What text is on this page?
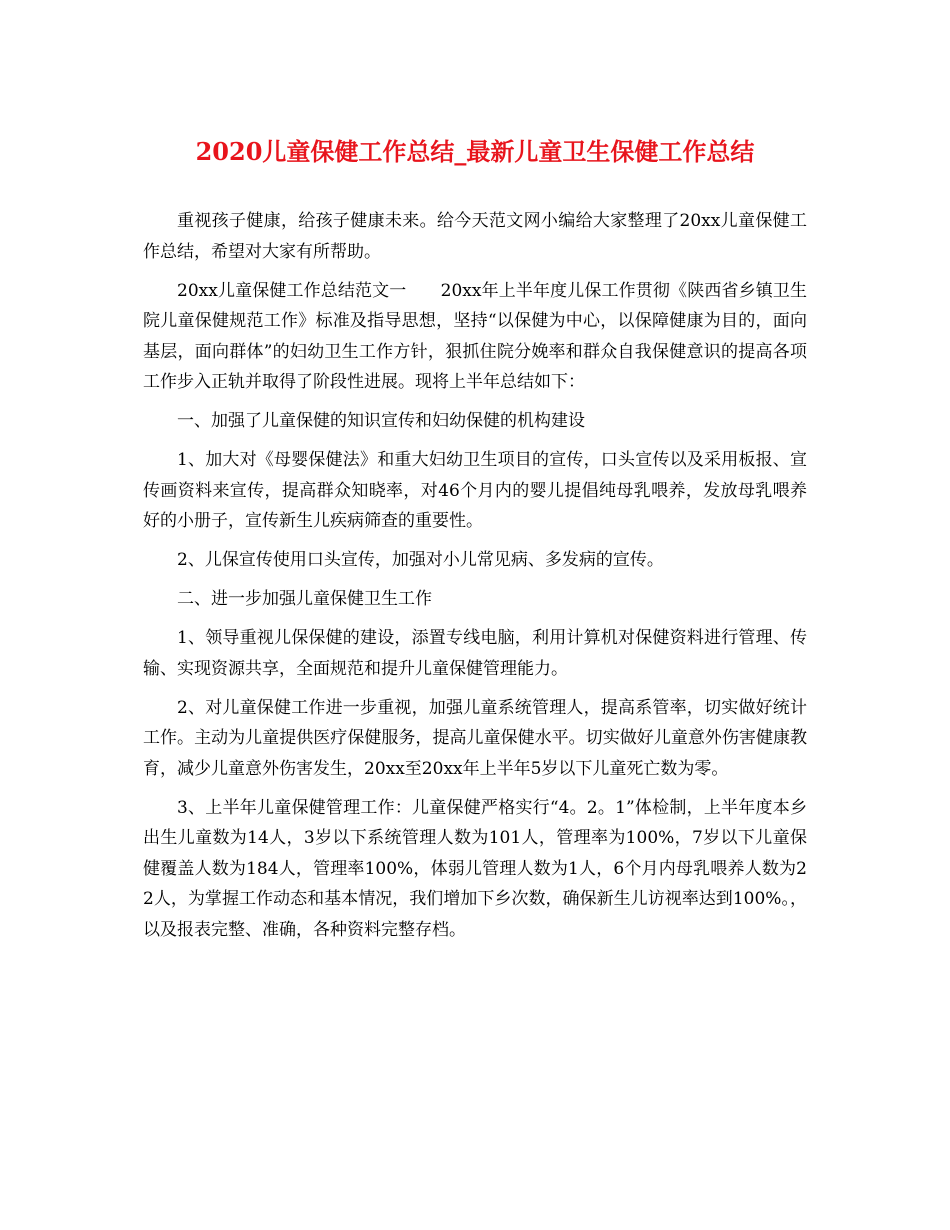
2020儿童保健工作总结_最新儿童卫生保健工作总结

重视孩子健康，给孩子健康未来。给今天范文网小编给大家整理了20xx儿童保健工作总结，希望对大家有所帮助。

20xx儿童保健工作总结范文一　　20xx年上半年度儿保工作贯彻《陕西省乡镇卫生院儿童保健规范工作》标准及指导思想，坚持“以保健为中心，以保障健康为目的，面向基层，面向群体”的妇幼卫生工作方针，狠抓住院分娩率和群众自我保健意识的提高各项工作步入正轨并取得了阶段性进展。现将上半年总结如下：

一、加强了儿童保健的知识宣传和妇幼保健的机构建设

1、加大对《母婴保健法》和重大妇幼卫生项目的宣传，口头宣传以及采用板报、宣传画资料来宣传，提高群众知晓率，对46个月内的婴儿提倡纯母乳喂养，发放母乳喂养好的小册子，宣传新生儿疾病筛查的重要性。

2、儿保宣传使用口头宣传，加强对小儿常见病、多发病的宣传。

二、进一步加强儿童保健卫生工作

1、领导重视儿保保健的建设，添置专线电脑，利用计算机对保健资料进行管理、传输、实现资源共享，全面规范和提升儿童保健管理能力。

2、对儿童保健工作进一步重视，加强儿童系统管理人，提高系管率，切实做好统计工作。主动为儿童提供医疗保健服务，提高儿童保健水平。切实做好儿童意外伤害健康教育，减少儿童意外伤害发生，20xx至20xx年上半年5岁以下儿童死亡数为零。

3、上半年儿童保健管理工作：儿童保健严格实行“4。2。1”体检制，上半年度本乡出生儿童数为14人，3岁以下系统管理人数为101人，管理率为100%，7岁以下儿童保健覆盖人数为184人，管理率100%，体弱儿管理人数为1人，6个月内母乳喂养人数为22人，为掌握工作动态和基本情况，我们增加下乡次数，确保新生儿访视率达到100%。，以及报表完整、准确，各种资料完整存档。
